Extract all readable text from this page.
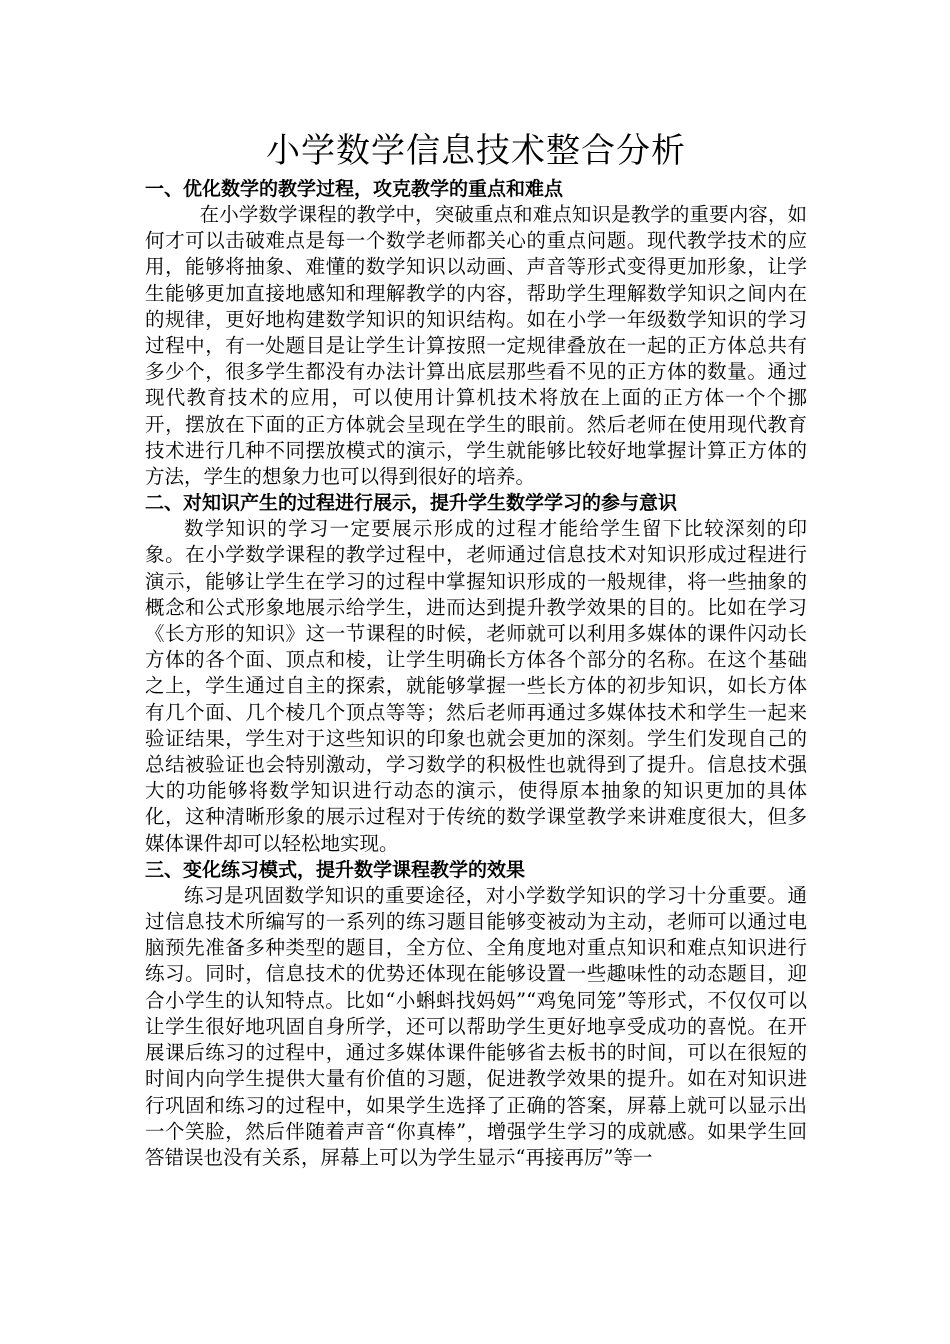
小学数学信息技术整合分析
一、优化数学的教学过程，攻克教学的重点和难点

在小学数学课程的教学中，突破重点和难点知识是教学的重要内容，如何才可以击破难点是每一个数学老师都关心的重点问题。现代教学技术的应用，能够将抽象、难懂的数学知识以动画、声音等形式变得更加形象，让学生能够更加直接地感知和理解教学的内容，帮助学生理解数学知识之间内在的规律，更好地构建数学知识的知识结构。如在小学一年级数学知识的学习过程中，有一处题目是让学生计算按照一定规律叠放在一起的正方体总共有多少个，很多学生都没有办法计算出底层那些看不见的正方体的数量。通过现代教育技术的应用，可以使用计算机技术将放在上面的正方体一个个挪开，摆放在下面的正方体就会呈现在学生的眼前。然后老师在使用现代教育技术进行几种不同摆放模式的演示，学生就能够比较好地掌握计算正方体的方法，学生的想象力也可以得到很好的培养。

二、对知识产生的过程进行展示，提升学生数学学习的参与意识

数学知识的学习一定要展示形成的过程才能给学生留下比较深刻的印象。在小学数学课程的教学过程中，老师通过信息技术对知识形成过程进行演示，能够让学生在学习的过程中掌握知识形成的一般规律，将一些抽象的概念和公式形象地展示给学生，进而达到提升教学效果的目的。比如在学习《长方形的知识》这一节课程的时候，老师就可以利用多媒体的课件闪动长方体的各个面、顶点和棱，让学生明确长方体各个部分的名称。在这个基础之上，学生通过自主的探索，就能够掌握一些长方体的初步知识，如长方体有几个面、几个棱几个顶点等等；然后老师再通过多媒体技术和学生一起来验证结果，学生对于这些知识的印象也就会更加的深刻。学生们发现自己的总结被验证也会特别激动，学习数学的积极性也就得到了提升。信息技术强大的功能够将数学知识进行动态的演示，使得原本抽象的知识更加的具体化，这种清晰形象的展示过程对于传统的数学课堂教学来讲难度很大，但多媒体课件却可以轻松地实现。

三、变化练习模式，提升数学课程教学的效果

练习是巩固数学知识的重要途径，对小学数学知识的学习十分重要。通过信息技术所编写的一系列的练习题目能够变被动为主动，老师可以通过电脑预先准备多种类型的题目，全方位、全角度地对重点知识和难点知识进行练习。同时，信息技术的优势还体现在能够设置一些趣味性的动态题目，迎合小学生的认知特点。比如“小蝌蚪找妈妈”“鸡兔同笼”等形式，不仅仅可以让学生很好地巩固自身所学，还可以帮助学生更好地享受成功的喜悦。在开展课后练习的过程中，通过多媒体课件能够省去板书的时间，可以在很短的时间内向学生提供大量有价值的习题，促进教学效果的提升。如在对知识进行巩固和练习的过程中，如果学生选择了正确的答案，屏幕上就可以显示出一个笑脸，然后伴随着声音“你真棒”，增强学生学习的成就感。如果学生回答错误也没有关系，屏幕上可以为学生显示“再接再厉”等一
